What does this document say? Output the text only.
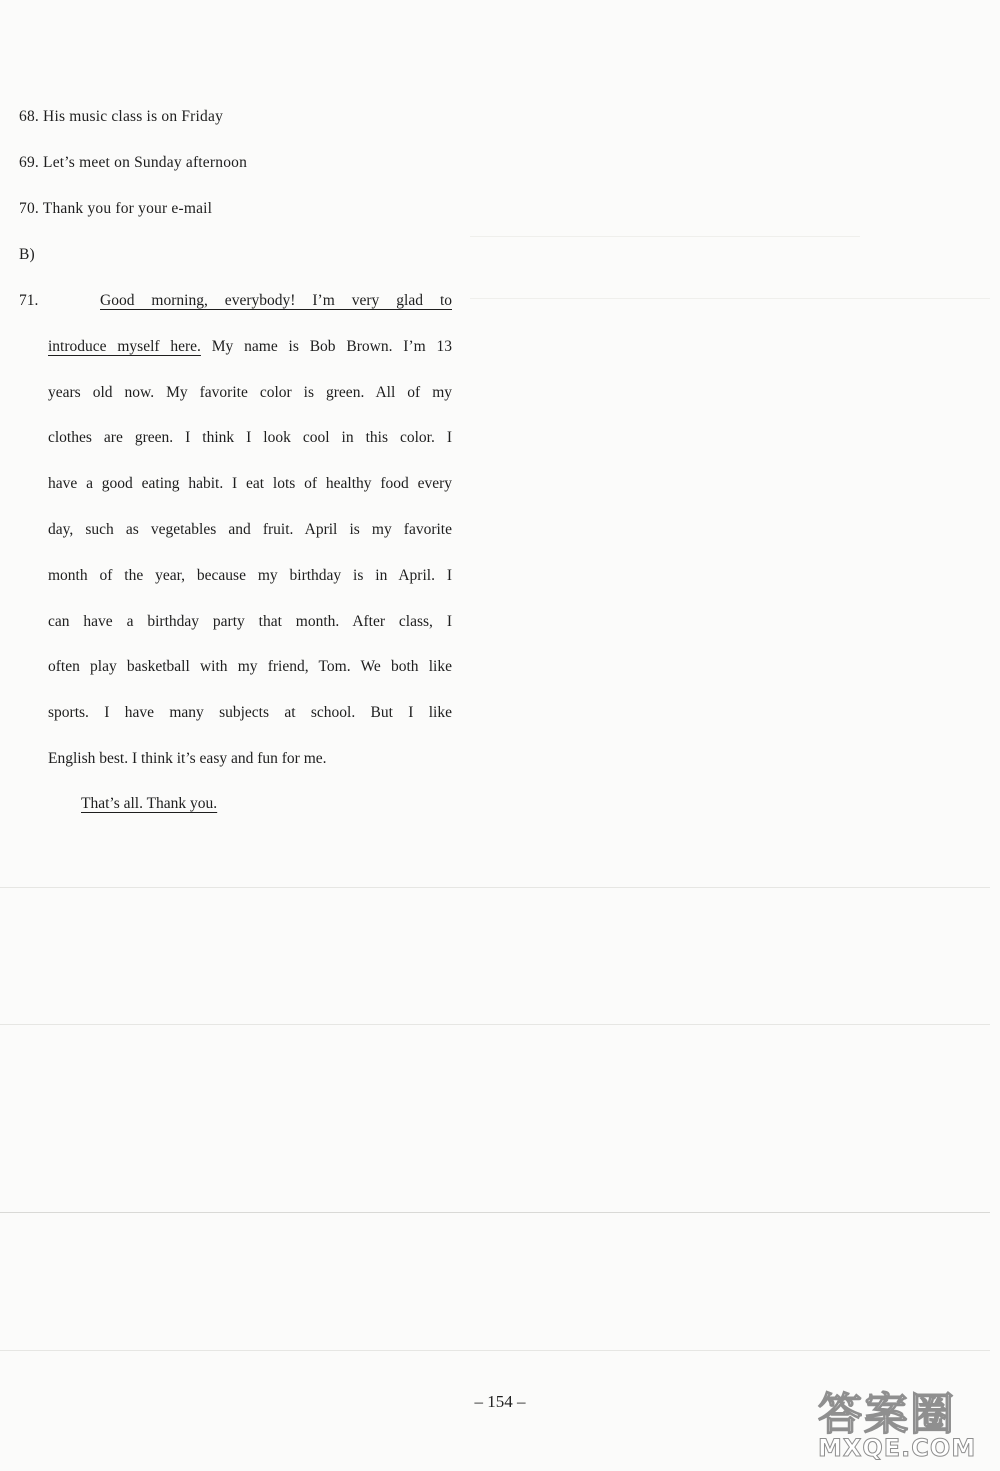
68. His music class is on Friday
69. Let’s meet on Sunday afternoon
70. Thank you for your e-mail
B)
71.	Good morning, everybody! I’m very glad to
introduce myself here. My name is Bob Brown. I’m 13
years old now. My favorite color is green. All of my
clothes are green. I think I look cool in this color. I
have a good eating habit. I eat lots of healthy food every
day, such as vegetables and fruit. April is my favorite
month of the year, because my birthday is in April. I
can have a birthday party that month. After class, I
often play basketball with my friend, Tom. We both like
sports. I have many subjects at school. But I like
English best. I think it’s easy and fun for me.
That’s all. Thank you.
– 154 –	答案圈
MXQE.COM
